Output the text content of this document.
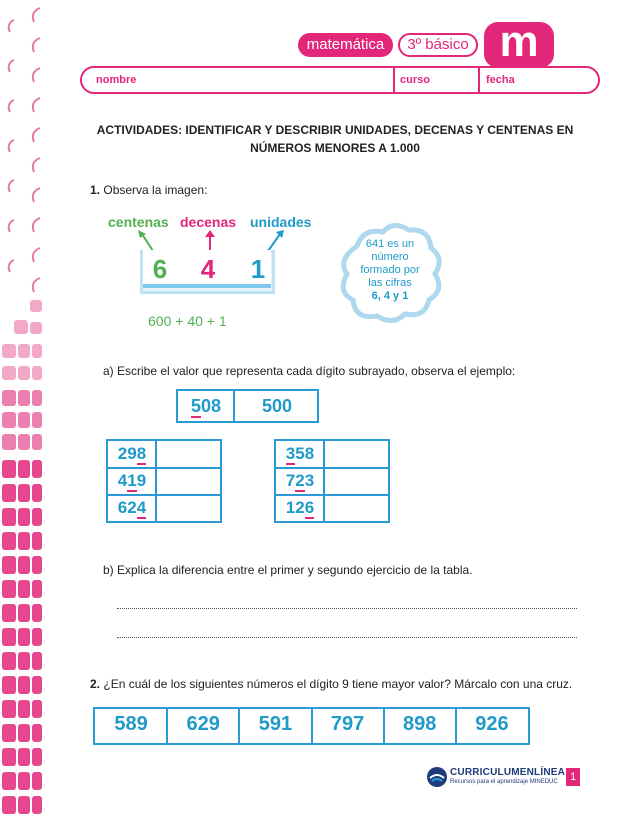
matemática	3º básico m
nombre	curso	fecha
ACTIVIDADES: IDENTIFICAR Y DESCRIBIR UNIDADES, DECENAS Y CENTENAS EN
NÚMEROS MENORES A 1.000
1. Observa la imagen:
centenas decenas unidades
6 4 1
600 + 40 + 1
641 es un
número
formado por
las cifras
6, 4 y 1
a) Escribe el valor que representa cada dígito subrayado, observa el ejemplo:
508	500
298
419
624
358
723
126
b) Explica la diferencia entre el primer y segundo ejercicio de la tabla.
2. ¿En cuál de los siguientes números el dígito 9 tiene mayor valor? Márcalo con una cruz.
589	629	591	797	898	926
CURRICULUMENLÍNEA
Recursos para el aprendizaje MINEDUC	1
